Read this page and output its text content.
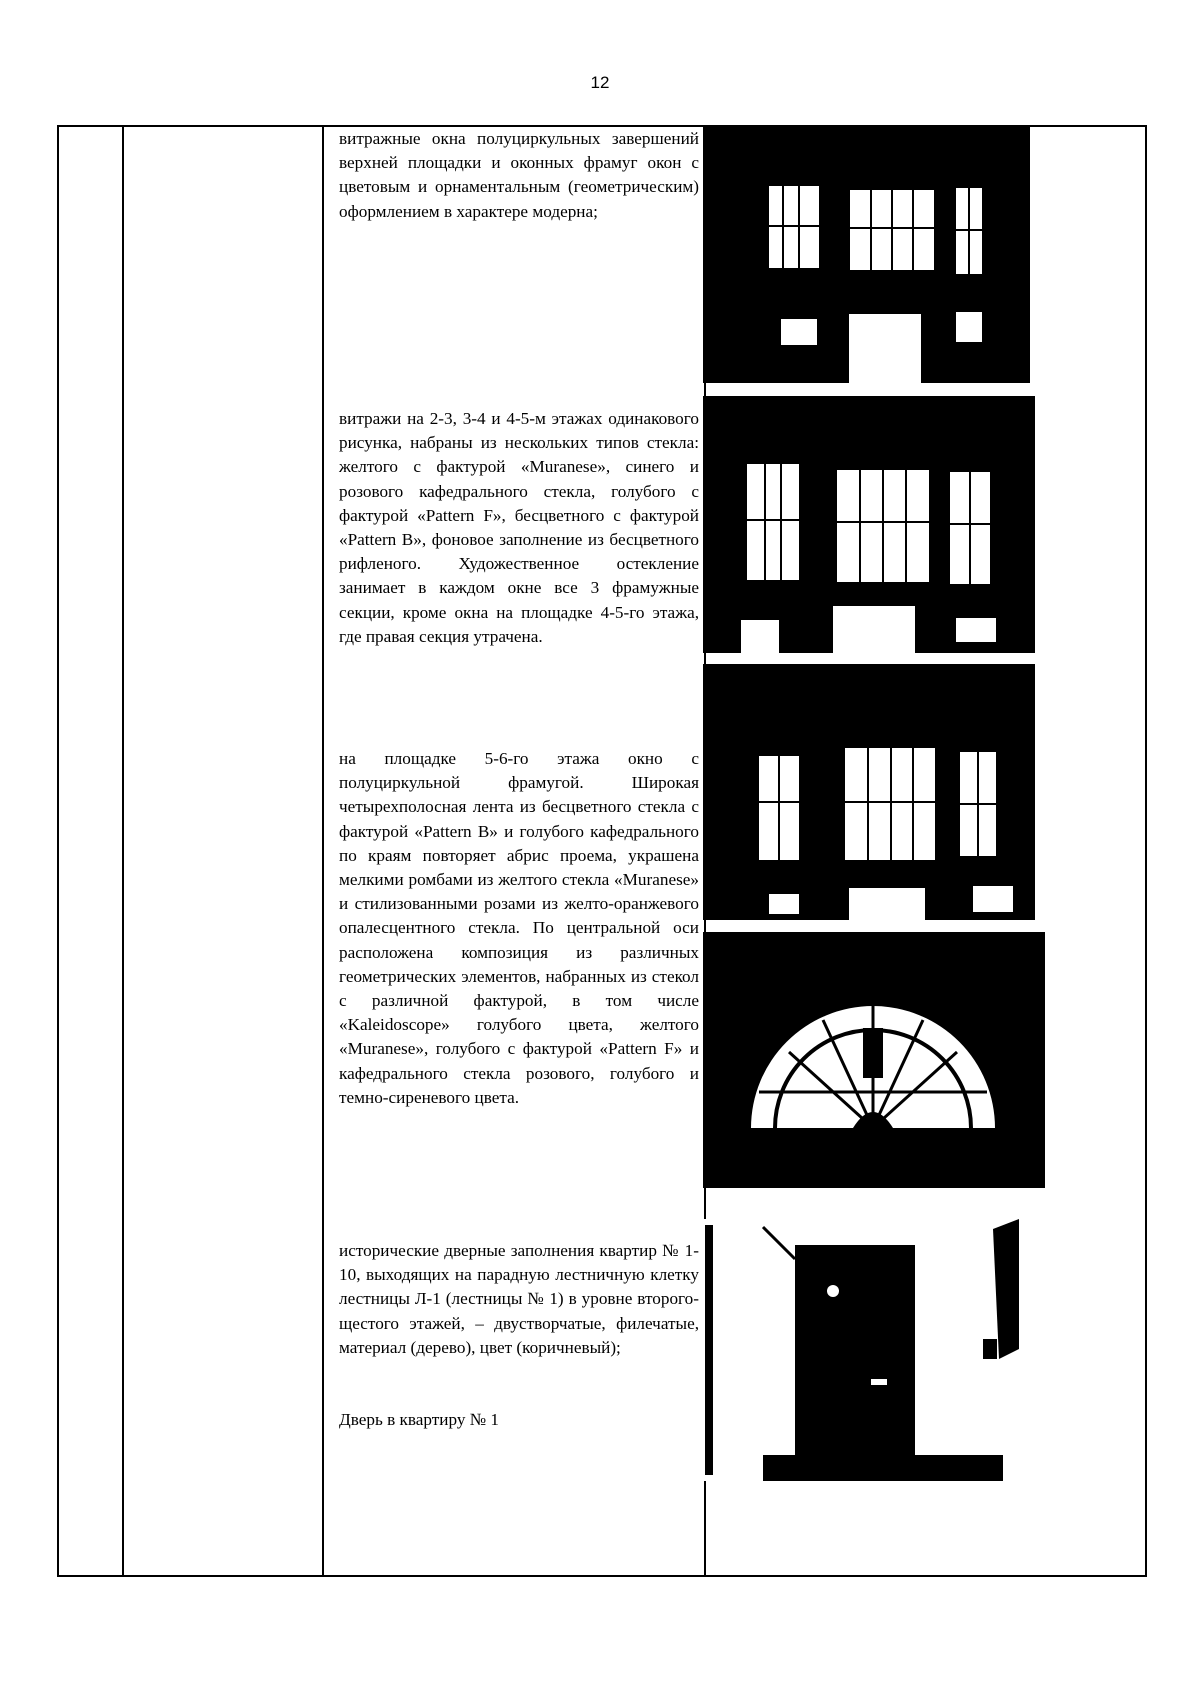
12

витражные окна полуциркульных завершений верхней площадки и оконных фрамуг окон с цветовым и орнаментальным (геометрическим) оформлением в характере модерна;

витражи на 2-3, 3-4 и 4-5-м этажах одинакового рисунка, набраны из нескольких типов стекла: желтого с фактурой «Muranese», синего и розового кафедрального стекла, голубого с фактурой «Pattern F», бесцветного с фактурой «Pattern B», фоновое заполнение из бесцветного рифленого. Художественное остекление занимает в каждом окне все 3 фрамужные секции, кроме окна на площадке 4-5-го этажа, где правая секция утрачена.

на площадке 5-6-го этажа окно с полуциркульной фрамугой. Широкая четырехполосная лента из бесцветного стекла с фактурой «Pattern B» и голубого кафедрального по краям повторяет абрис проема, украшена мелкими ромбами из желтого стекла «Muranese» и стилизованными розами из желто-оранжевого опалесцентного стекла. По центральной оси расположена композиция из различных геометрических элементов, набранных из стекол с различной фактурой, в том числе «Kaleidoscope» голубого цвета, желтого «Muranese», голубого с фактурой «Pattern F» и кафедрального стекла розового, голубого и темно-сиреневого цвета.

исторические дверные заполнения квартир № 1-10, выходящих на парадную лестничную клетку лестницы Л-1 (лестницы № 1) в уровне второго-щестого этажей, – двустворчатые, филечатые, материал (дерево), цвет (коричневый);

Дверь в квартиру № 1
